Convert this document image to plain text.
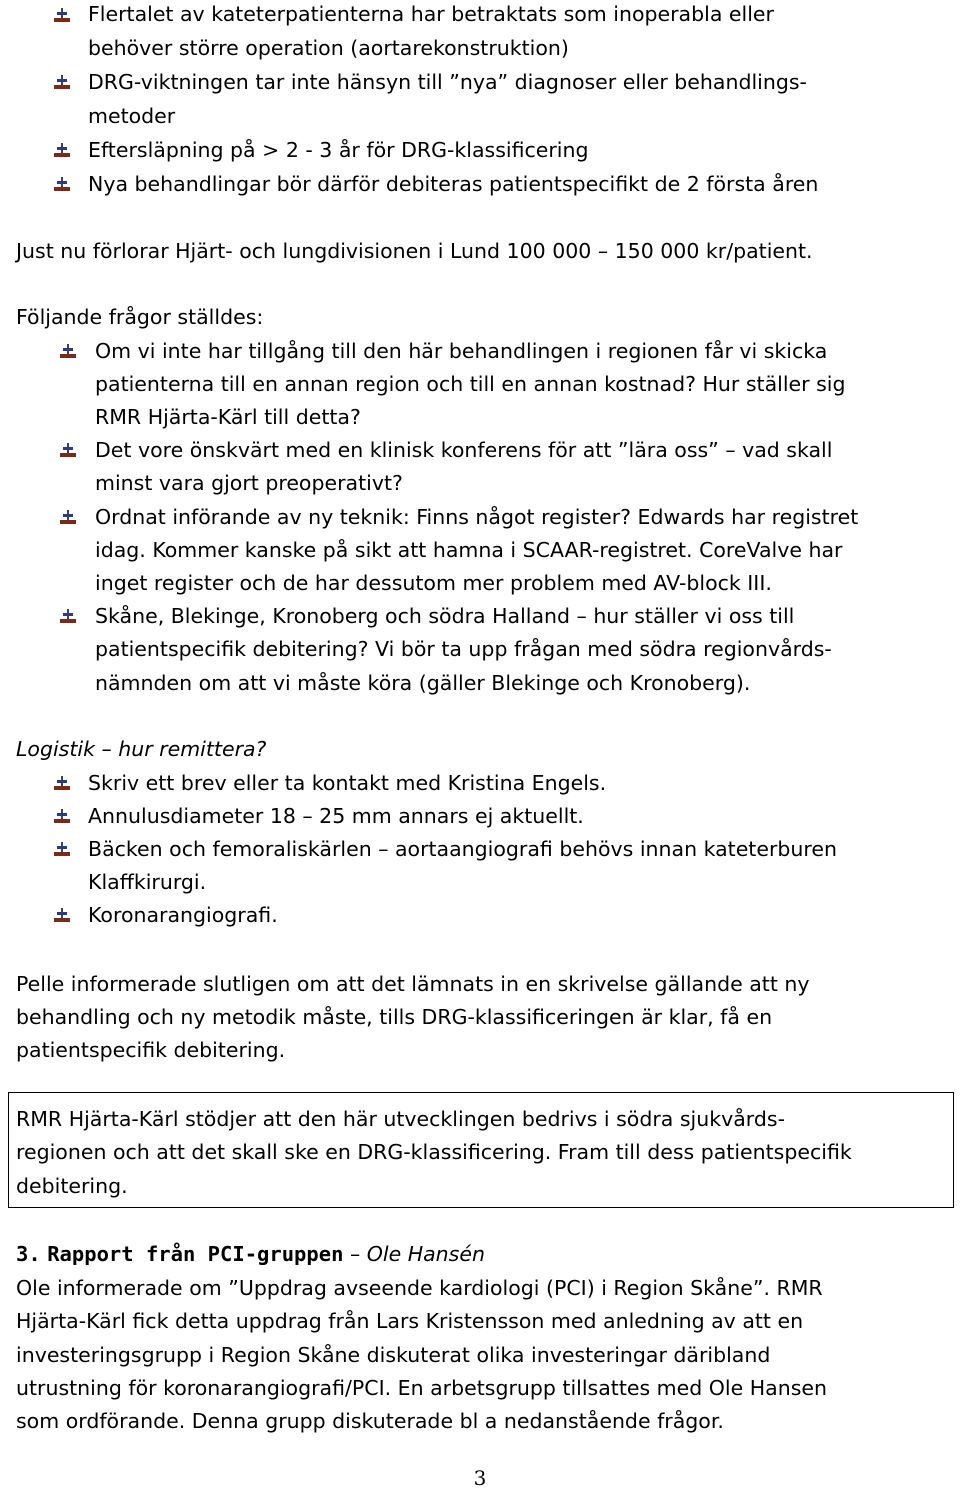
Flertalet av kateterpatienterna har betraktats som inoperabla eller
behöver större operation (aortarekonstruktion)
DRG-viktningen tar inte hänsyn till ”nya” diagnoser eller behandlings-
metoder
Eftersläpning på > 2 - 3 år för DRG-klassificering
Nya behandlingar bör därför debiteras patientspecifikt de 2 första åren
Just nu förlorar Hjärt- och lungdivisionen i Lund 100 000 – 150 000 kr/patient.
Följande frågor ställdes:
Om vi inte har tillgång till den här behandlingen i regionen får vi skicka
patienterna till en annan region och till en annan kostnad? Hur ställer sig
RMR Hjärta-Kärl till detta?
Det vore önskvärt med en klinisk konferens för att ”lära oss” – vad skall
minst vara gjort preoperativt?
Ordnat införande av ny teknik: Finns något register? Edwards har registret
idag. Kommer kanske på sikt att hamna i SCAAR-registret. CoreValve har
inget register och de har dessutom mer problem med AV-block III.
Skåne, Blekinge, Kronoberg och södra Halland – hur ställer vi oss till
patientspecifik debitering? Vi bör ta upp frågan med södra regionvårds-
nämnden om att vi måste köra (gäller Blekinge och Kronoberg).
Logistik – hur remittera?
Skriv ett brev eller ta kontakt med Kristina Engels.
Annulusdiameter 18 – 25 mm annars ej aktuellt.
Bäcken och femoraliskärlen – aortaangiografi behövs innan kateterburen
Klaffkirurgi.
Koronarangiografi.
Pelle informerade slutligen om att det lämnats in en skrivelse gällande att ny
behandling och ny metodik måste, tills DRG-klassificeringen är klar, få en
patientspecifik debitering.
RMR Hjärta-Kärl stödjer att den här utvecklingen bedrivs i södra sjukvårds-
regionen och att det skall ske en DRG-klassificering. Fram till dess patientspecifik
debitering.
3. Rapport från PCI-gruppen – Ole Hansén
Ole informerade om ”Uppdrag avseende kardiologi (PCI) i Region Skåne”. RMR
Hjärta-Kärl fick detta uppdrag från Lars Kristensson med anledning av att en
investeringsgrupp i Region Skåne diskuterat olika investeringar däribland
utrustning för koronarangiografi/PCI. En arbetsgrupp tillsattes med Ole Hansen
som ordförande. Denna grupp diskuterade bl a nedanstående frågor.
3
